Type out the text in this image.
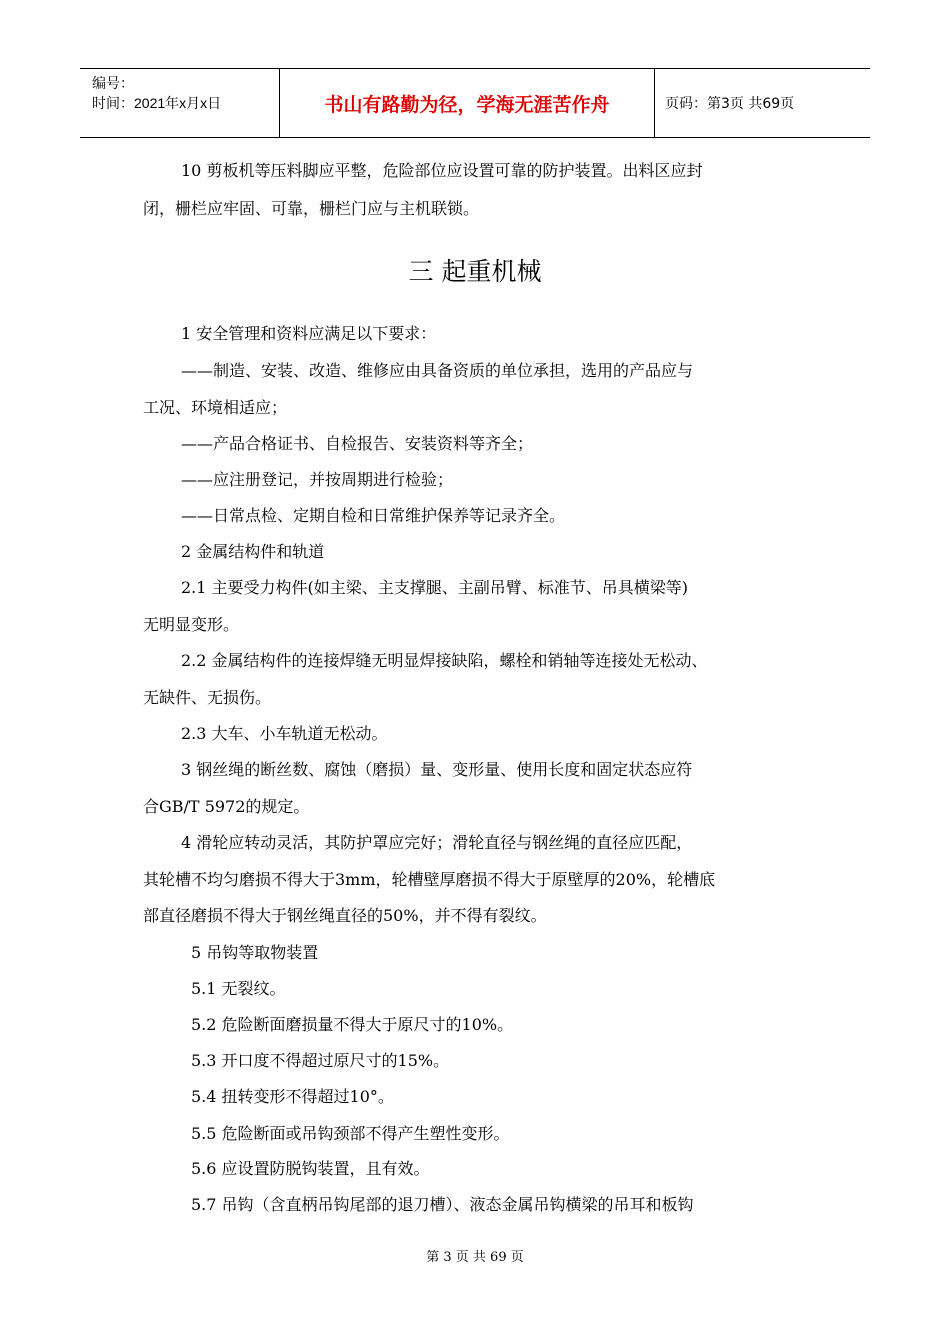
编号：
时间：2021年x月x日	书山有路勤为径，学海无涯苦作舟	页码：第3页 共69页
10 剪板机等压料脚应平整，危险部位应设置可靠的防护装置。出料区应封
闭，栅栏应牢固、可靠，栅栏门应与主机联锁。
三 起重机械
1 安全管理和资料应满足以下要求：
——制造、安装、改造、维修应由具备资质的单位承担，选用的产品应与
工况、环境相适应；
——产品合格证书、自检报告、安装资料等齐全；
——应注册登记，并按周期进行检验；
——日常点检、定期自检和日常维护保养等记录齐全。
2 金属结构件和轨道
2.1 主要受力构件(如主梁、主支撑腿、主副吊臂、标准节、吊具横梁等)
无明显变形。
2.2 金属结构件的连接焊缝无明显焊接缺陷，螺栓和销轴等连接处无松动、
无缺件、无损伤。
2.3 大车、小车轨道无松动。
3 钢丝绳的断丝数、腐蚀（磨损）量、变形量、使用长度和固定状态应符
合GB/T 5972的规定。
4 滑轮应转动灵活，其防护罩应完好；滑轮直径与钢丝绳的直径应匹配，
其轮槽不均匀磨损不得大于3mm，轮槽壁厚磨损不得大于原壁厚的20%，轮槽底
部直径磨损不得大于钢丝绳直径的50%，并不得有裂纹。
5 吊钩等取物装置
5.1 无裂纹。
5.2 危险断面磨损量不得大于原尺寸的10%。
5.3 开口度不得超过原尺寸的15%。
5.4 扭转变形不得超过10°。
5.5 危险断面或吊钩颈部不得产生塑性变形。
5.6 应设置防脱钩装置，且有效。
5.7 吊钩（含直柄吊钩尾部的退刀槽）、液态金属吊钩横梁的吊耳和板钩
第 3 页 共 69 页
